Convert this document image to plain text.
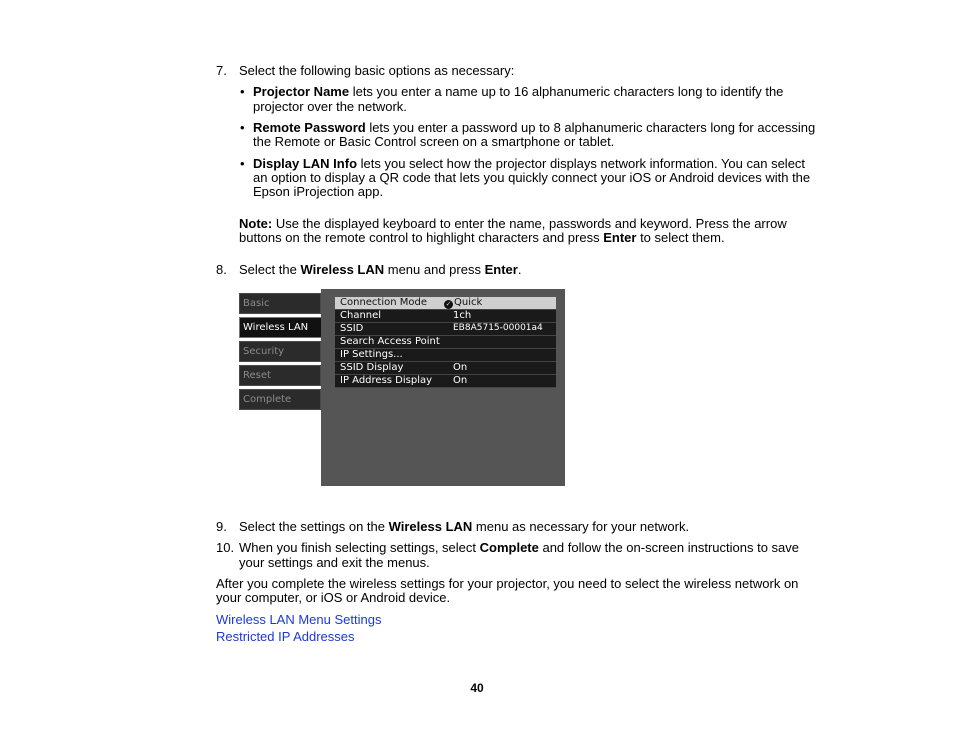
7. Select the following basic options as necessary:
• Projector Name lets you enter a name up to 16 alphanumeric characters long to identify the
projector over the network.
• Remote Password lets you enter a password up to 8 alphanumeric characters long for accessing
the Remote or Basic Control screen on a smartphone or tablet.
• Display LAN Info lets you select how the projector displays network information. You can select
an option to display a QR code that lets you quickly connect your iOS or Android devices with the
Epson iProjection app.
Note: Use the displayed keyboard to enter the name, passwords and keyword. Press the arrow
buttons on the remote control to highlight characters and press Enter to select them.
8. Select the Wireless LAN menu and press Enter.
Basic
Wireless LAN
Security
Reset
Complete
Connection Mode	✓ Quick
Channel	1ch
SSID	EB8A5715-00001a4
Search Access Point
IP Settings...
SSID Display	On
IP Address Display On
9. Select the settings on the Wireless LAN menu as necessary for your network.
10. When you finish selecting settings, select Complete and follow the on-screen instructions to save
your settings and exit the menus.
After you complete the wireless settings for your projector, you need to select the wireless network on
your computer, or iOS or Android device.
Wireless LAN Menu Settings
Restricted IP Addresses
40
